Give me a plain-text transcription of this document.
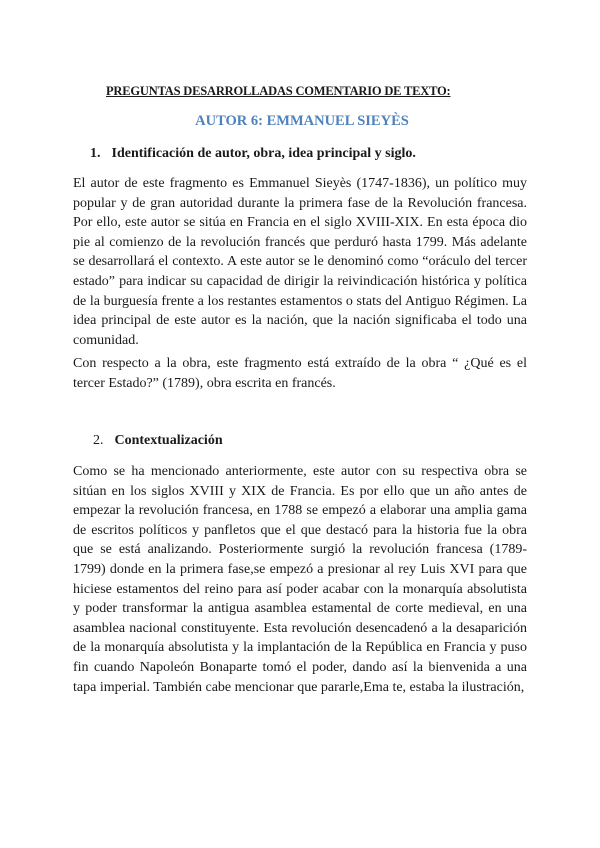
PREGUNTAS DESARROLLADAS COMENTARIO DE TEXTO:
AUTOR 6: EMMANUEL SIEYÈS
1. Identificación de autor, obra, idea principal y siglo.

El autor de este fragmento es Emmanuel Sieyès (1747-1836), un político muy popular y de gran autoridad durante la primera fase de la Revolución francesa. Por ello, este autor se sitúa en Francia en el siglo XVIII-XIX. En esta época dio pie al comienzo de la revolución francés que perduró hasta 1799. Más adelante se desarrollará el contexto. A este autor se le denominó como “oráculo del tercer estado” para indicar su capacidad de dirigir la reivindicación histórica y política de la burguesía frente a los restantes estamentos o stats del Antiguo Régimen. La idea principal de este autor es la nación, que la nación significaba el todo una comunidad.

Con respecto a la obra, este fragmento está extraído de la obra “ ¿Qué es el tercer Estado?” (1789), obra escrita en francés.

2. Contextualización

Como se ha mencionado anteriormente, este autor con su respectiva obra se sitúan en los siglos XVIII y XIX de Francia. Es por ello que un año antes de empezar la revolución francesa, en 1788 se empezó a elaborar una amplia gama de escritos políticos y panfletos que el que destacó para la historia fue la obra que se está analizando. Posteriormente surgió la revolución francesa (1789-1799) donde en la primera fase,se empezó a presionar al rey Luis XVI para que hiciese estamentos del reino para así poder acabar con la monarquía absolutista y poder transformar la antigua asamblea estamental de corte medieval, en una asamblea nacional constituyente. Esta revolución desencadenó a la desaparición de la monarquía absolutista y la implantación de la República en Francia y puso fin cuando Napoleón Bonaparte tomó el poder, dando así la bienvenida a una tapa imperial. También cabe mencionar que pararle,Ema te, estaba la ilustración,
